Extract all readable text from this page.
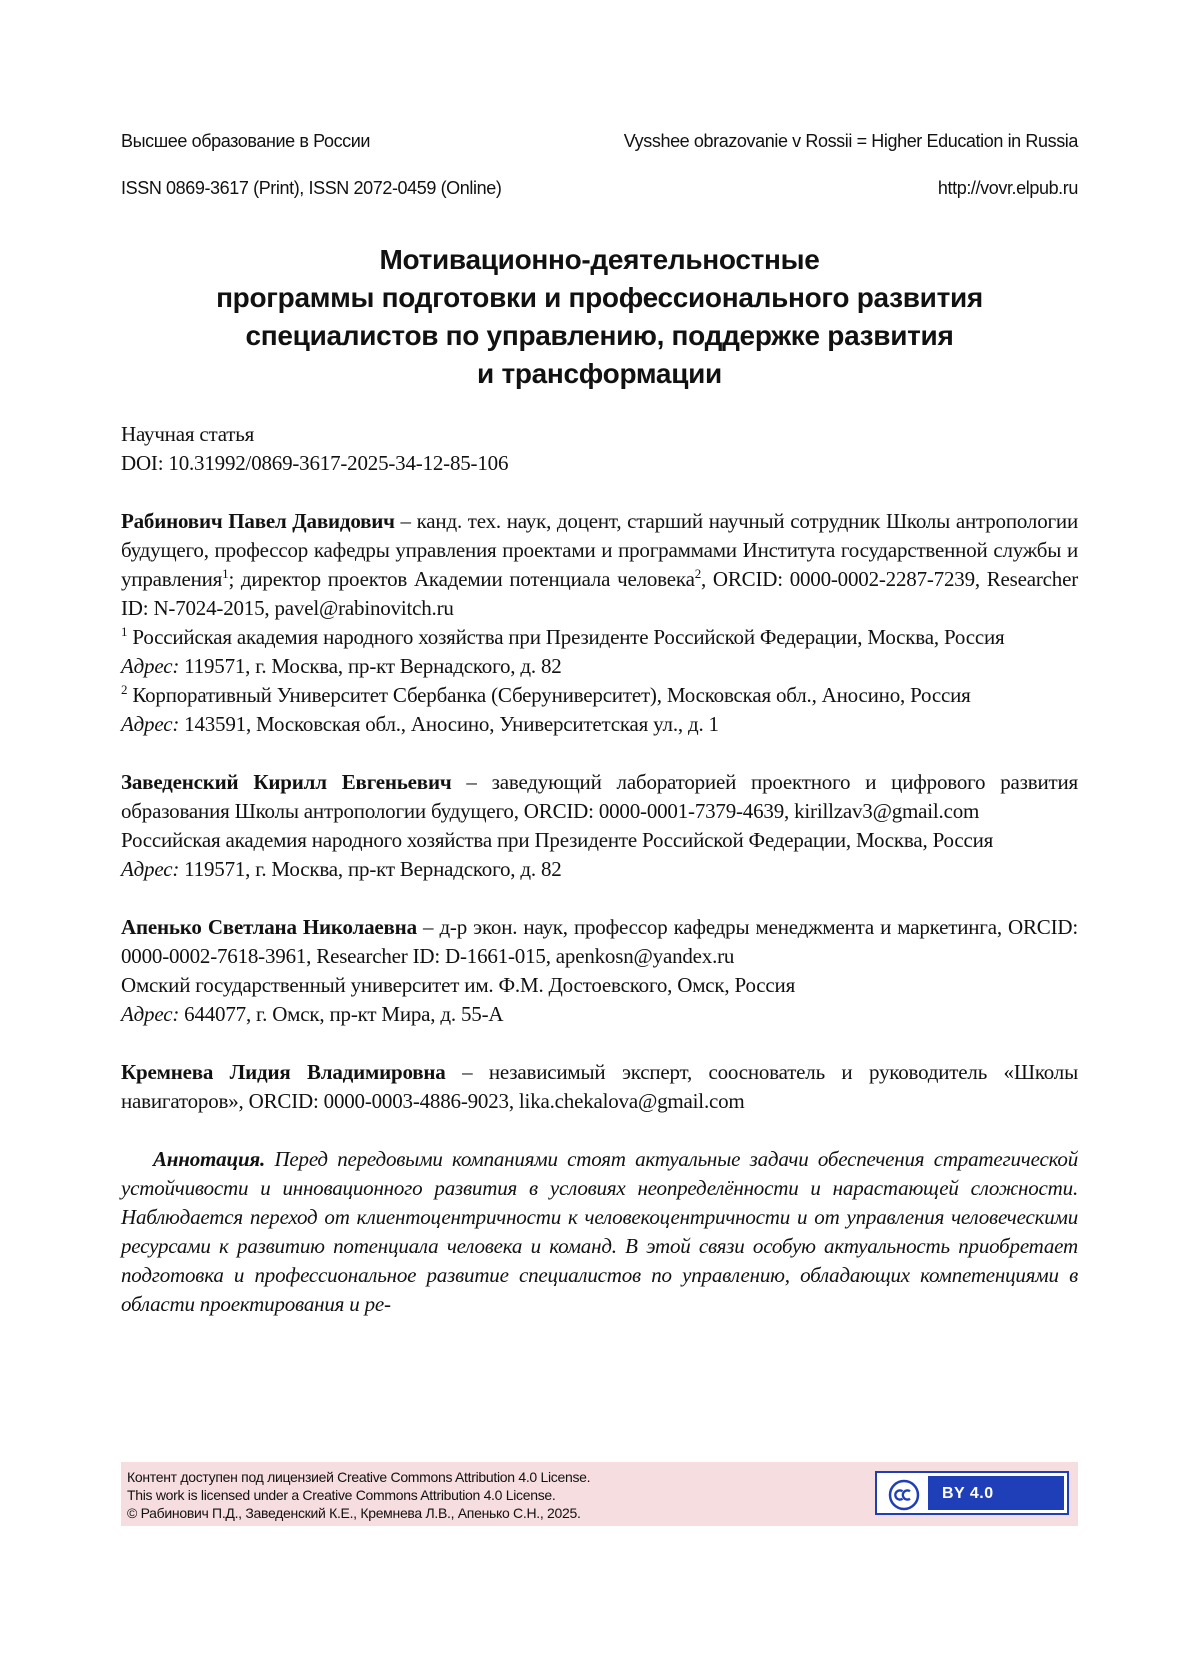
Высшее образование в России	Vysshee obrazovanie v Rossii = Higher Education in Russia
ISSN 0869-3617 (Print), ISSN 2072-0459 (Online)	http://vovr.elpub.ru
Мотивационно-деятельностные
программы подготовки и профессионального развития
специалистов по управлению, поддержке развития
и трансформации

Научная статья

DOI: 10.31992/0869-3617-2025-34-12-85-106

Рабинович Павел Давидович – канд. тех. наук, доцент, старший научный сотрудник Школы антропологии будущего, профессор кафедры управления проектами и программами Института государственной службы и управления$^1$; директор проектов Академии потенциала человека$^2$, ORCID: 0000-0002-2287-7239, Researcher ID: N-7024-2015, pavel@rabinovitch.ru

$^1$ Российская академия народного хозяйства при Президенте Российской Федерации, Москва, Россия

Адрес: 119571, г. Москва, пр-кт Вернадского, д. 82

$^2$ Корпоративный Университет Сбербанка (Сберуниверситет), Московская обл., Аносино, Россия

Адрес: 143591, Московская обл., Аносино, Университетская ул., д. 1

Заведенский Кирилл Евгеньевич – заведующий лабораторией проектного и цифрового развития образования Школы антропологии будущего, ORCID: 0000-0001-7379-4639, kirillzav3@gmail.com

Российская академия народного хозяйства при Президенте Российской Федерации, Москва, Россия

Адрес: 119571, г. Москва, пр-кт Вернадского, д. 82

Апенько Светлана Николаевна – д-р экон. наук, профессор кафедры менеджмента и маркетинга, ORCID: 0000-0002-7618-3961, Researcher ID: D-1661-015, apenkosn@yandex.ru

Омский государственный университет им. Ф.М. Достоевского, Омск, Россия

Адрес: 644077, г. Омск, пр-кт Мира, д. 55-А

Кремнева Лидия Владимировна – независимый эксперт, сооснователь и руководитель «Школы навигаторов», ORCID: 0000-0003-4886-9023, lika.chekalova@gmail.com

Аннотация. Перед передовыми компаниями стоят актуальные задачи обеспечения стратегической устойчивости и инновационного развития в условиях неопределённости и нарастающей сложности. Наблюдается переход от клиентоцентричности к человекоцентричности и от управления человеческими ресурсами к развитию потенциала человека и команд. В этой связи особую актуальность приобретает подготовка и профессиональное развитие специалистов по управлению, обладающих компетенциями в области проектирования и ре-

Контент доступен под лицензией Creative Commons Attribution 4.0 License.
This work is licensed under a Creative Commons Attribution 4.0 License.
© Рабинович П.Д., Заведенский К.Е., Кремнева Л.В., Апенько С.Н., 2025.
BY 4.0
